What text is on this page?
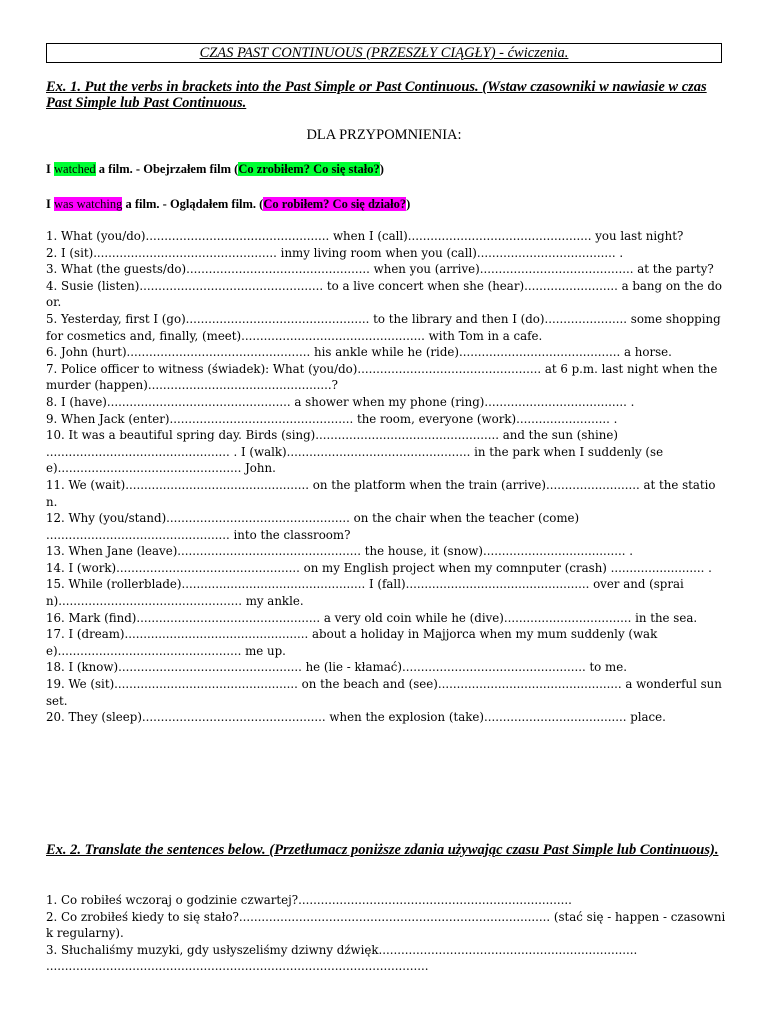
CZAS PAST CONTINUOUS (PRZESZŁY CIĄGŁY) - ćwiczenia.
Ex. 1. Put the verbs in brackets into the Past Simple or Past Continuous. (Wstaw czasowniki w nawiasie w czas Past Simple lub Past Continuous.
DLA PRZYPOMNIENIA:
I watched a film. - Obejrzałem film (Co zrobiłem? Co się stało?)
I was watching a film. - Oglądałem film. (Co robiłem? Co się działo?)

1. What (you/do)................................................. when I (call)................................................. you last night?

2. I (sit)................................................. inmy living room when you (call)..................................... .

3. What (the guests/do)................................................. when you (arrive)......................................... at the party?

4. Susie (listen)................................................. to a live concert when she (hear)......................... a bang on the door.

5. Yesterday, first I (go)................................................. to the library and then I (do)...................... some shopping for cosmetics and, finally, (meet)................................................. with Tom in a cafe.

6. John (hurt)................................................. his ankle while he (ride)........................................... a horse.

7. Police officer to witness (świadek): What (you/do)................................................. at 6 p.m. last night when the murder (happen).................................................?

8. I (have)................................................. a shower when my phone (ring)...................................... .

9. When Jack (enter)................................................. the room, everyone (work)......................... .

10. It was a beautiful spring day. Birds (sing)................................................. and the sun (shine) ................................................. . I (walk)................................................. in the park when I suddenly (see)................................................. John.

11. We (wait)................................................. on the platform when the train (arrive)......................... at the station.

12. Why (you/stand)................................................. on the chair when the teacher (come) ................................................. into the classroom?

13. When Jane (leave)................................................. the house, it (snow)...................................... .

14. I (work)................................................. on my English project when my comnputer (crash) ......................... .

15. While (rollerblade)................................................. I (fall)................................................. over and (sprain)................................................. my ankle.

16. Mark (find)................................................. a very old coin while he (dive).................................. in the sea.

17. I (dream)................................................. about a holiday in Majjorca when my mum suddenly (wake)................................................. me up.

18. I (know)................................................. he (lie - kłamać)................................................. to me.

19. We (sit)................................................. on the beach and (see)................................................. a wonderful sunset.

20. They (sleep)................................................. when the explosion (take)...................................... place.

Ex. 2. Translate the sentences below. (Przetłumacz poniższe zdania używając czasu Past Simple lub Continuous).

1. Co robiłeś wczoraj o godzinie czwartej?.........................................................................

2. Co zrobiłeś kiedy to się stało?................................................................................... (stać się - happen - czasownik regularny).

3. Słuchaliśmy muzyki, gdy usłyszeliśmy dziwny dźwięk..................................................................... ......................................................................................................
